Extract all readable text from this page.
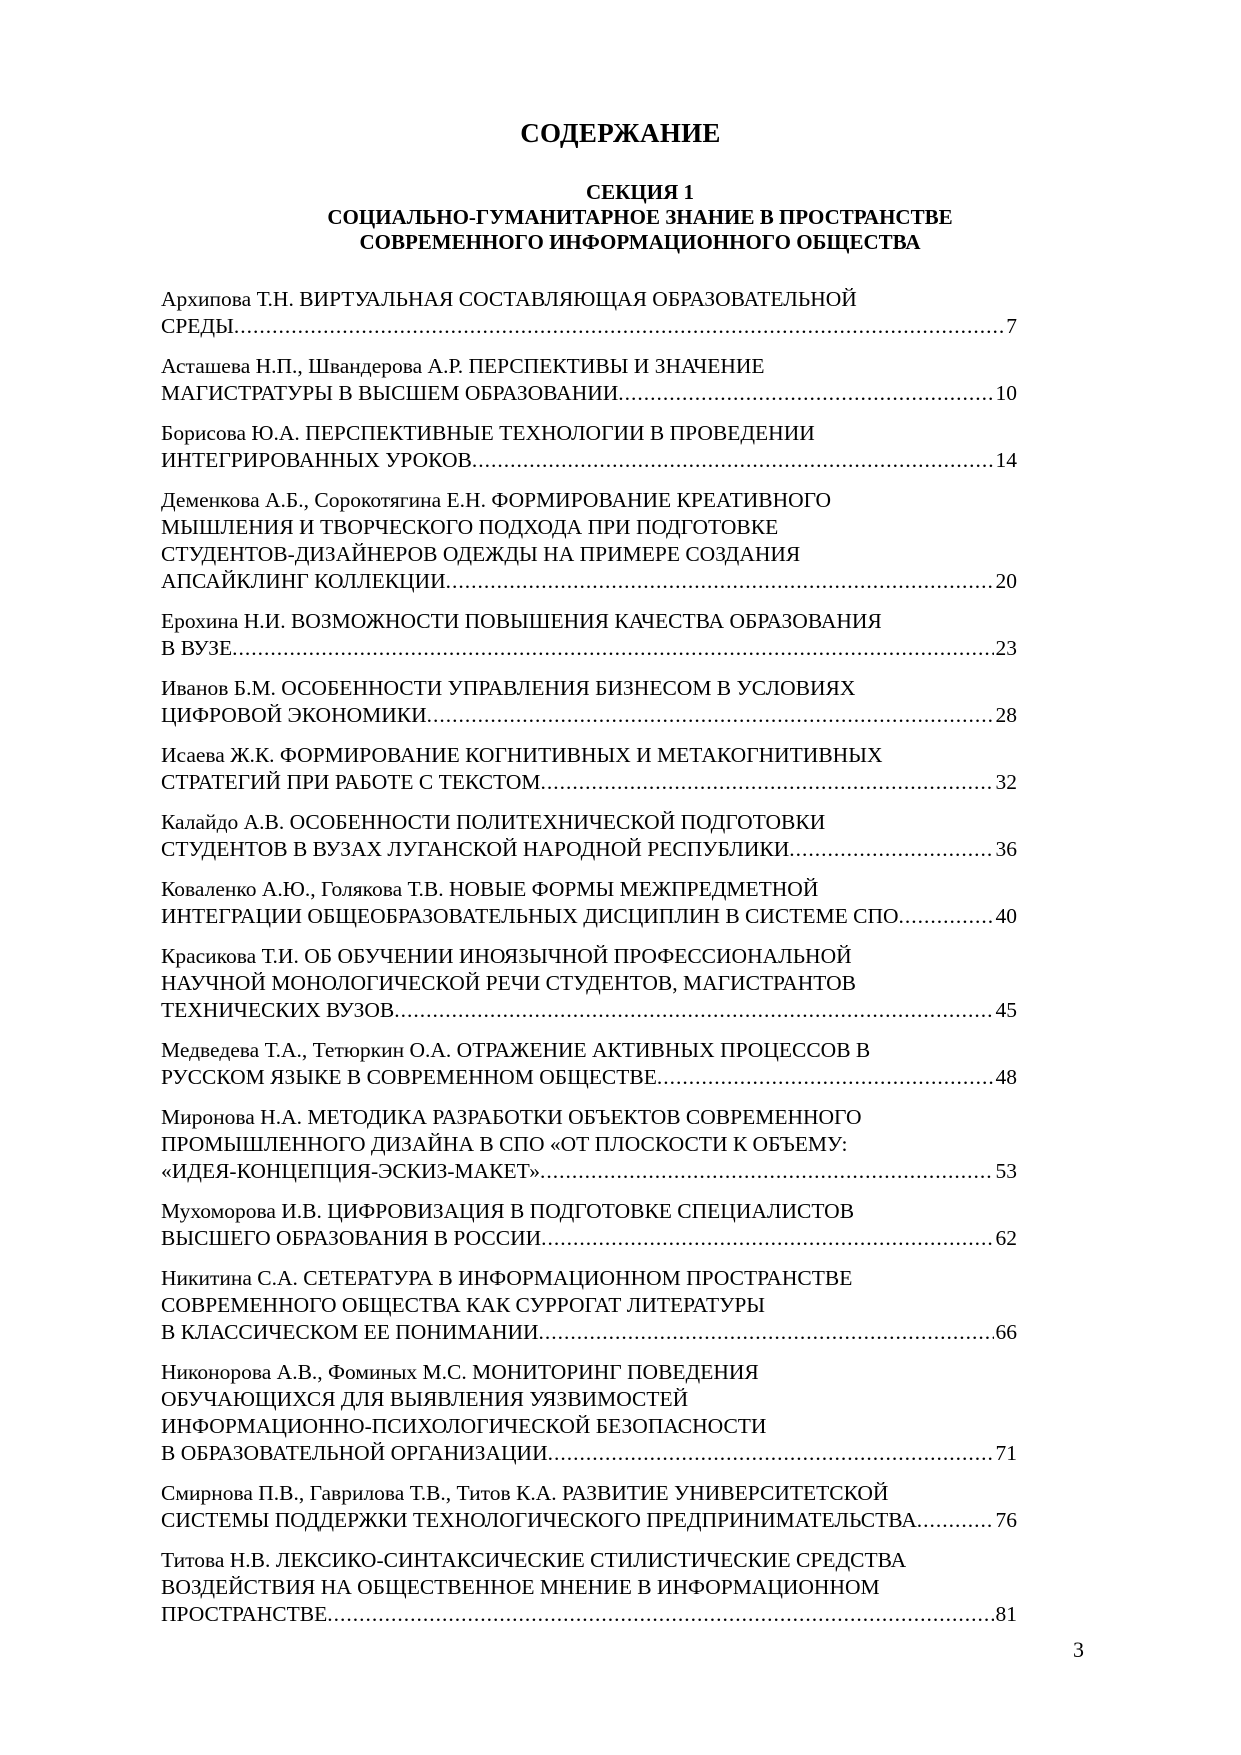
СОДЕРЖАНИЕ
СЕКЦИЯ 1
СОЦИАЛЬНО-ГУМАНИТАРНОЕ ЗНАНИЕ В ПРОСТРАНСТВЕ
СОВРЕМЕННОГО ИНФОРМАЦИОННОГО ОБЩЕСТВА
Архипова Т.Н. ВИРТУАЛЬНАЯ СОСТАВЛЯЮЩАЯ ОБРАЗОВАТЕЛЬНОЙ
СРЕДЫ .....	7
Асташева Н.П., Швандерова А.Р. ПЕРСПЕКТИВЫ И ЗНАЧЕНИЕ
МАГИСТРАТУРЫ В ВЫСШЕМ ОБРАЗОВАНИИ .....	10
Борисова Ю.А. ПЕРСПЕКТИВНЫЕ ТЕХНОЛОГИИ В ПРОВЕДЕНИИ
ИНТЕГРИРОВАННЫХ УРОКОВ .....	14
Деменкова А.Б., Сорокотягина Е.Н. ФОРМИРОВАНИЕ КРЕАТИВНОГО
МЫШЛЕНИЯ И ТВОРЧЕСКОГО ПОДХОДА ПРИ ПОДГОТОВКЕ
СТУДЕНТОВ-ДИЗАЙНЕРОВ ОДЕЖДЫ НА ПРИМЕРЕ СОЗДАНИЯ
АПСАЙКЛИНГ КОЛЛЕКЦИИ .....	20
Ерохина Н.И. ВОЗМОЖНОСТИ ПОВЫШЕНИЯ КАЧЕСТВА ОБРАЗОВАНИЯ
В ВУЗЕ .....	23
Иванов Б.М. ОСОБЕННОСТИ УПРАВЛЕНИЯ БИЗНЕСОМ В УСЛОВИЯХ
ЦИФРОВОЙ ЭКОНОМИКИ .....	28
Исаева Ж.К. ФОРМИРОВАНИЕ КОГНИТИВНЫХ И МЕТАКОГНИТИВНЫХ
СТРАТЕГИЙ ПРИ РАБОТЕ С ТЕКСТОМ .....	32
Калайдо А.В. ОСОБЕННОСТИ ПОЛИТЕХНИЧЕСКОЙ ПОДГОТОВКИ
СТУДЕНТОВ В ВУЗАХ ЛУГАНСКОЙ НАРОДНОЙ РЕСПУБЛИКИ .....	36
Коваленко А.Ю., Голякова Т.В. НОВЫЕ ФОРМЫ МЕЖПРЕДМЕТНОЙ
ИНТЕГРАЦИИ ОБЩЕОБРАЗОВАТЕЛЬНЫХ ДИСЦИПЛИН В СИСТЕМЕ СПО .....	40
Красикова Т.И. ОБ ОБУЧЕНИИ ИНОЯЗЫЧНОЙ ПРОФЕССИОНАЛЬНОЙ
НАУЧНОЙ МОНОЛОГИЧЕСКОЙ РЕЧИ СТУДЕНТОВ, МАГИСТРАНТОВ
ТЕХНИЧЕСКИХ ВУЗОВ .....	45
Медведева Т.А., Тетюркин О.А. ОТРАЖЕНИЕ АКТИВНЫХ ПРОЦЕССОВ В
РУССКОМ ЯЗЫКЕ В СОВРЕМЕННОМ ОБЩЕСТВЕ .....	48
Миронова Н.А. МЕТОДИКА РАЗРАБОТКИ ОБЪЕКТОВ СОВРЕМЕННОГО
ПРОМЫШЛЕННОГО ДИЗАЙНА В СПО «ОТ ПЛОСКОСТИ К ОБЪЕМУ:
«ИДЕЯ-КОНЦЕПЦИЯ-ЭСКИЗ-МАКЕТ» .....	53
Мухоморова И.В. ЦИФРОВИЗАЦИЯ В ПОДГОТОВКЕ СПЕЦИАЛИСТОВ
ВЫСШЕГО ОБРАЗОВАНИЯ В РОССИИ .....	62
Никитина С.А. СЕТЕРАТУРА В ИНФОРМАЦИОННОМ ПРОСТРАНСТВЕ
СОВРЕМЕННОГО ОБЩЕСТВА КАК СУРРОГАТ ЛИТЕРАТУРЫ
В КЛАССИЧЕСКОМ ЕЕ ПОНИМАНИИ .....	66
Никонорова А.В., Фоминых М.С. МОНИТОРИНГ ПОВЕДЕНИЯ
ОБУЧАЮЩИХСЯ ДЛЯ ВЫЯВЛЕНИЯ УЯЗВИМОСТЕЙ
ИНФОРМАЦИОННО-ПСИХОЛОГИЧЕСКОЙ БЕЗОПАСНОСТИ
В ОБРАЗОВАТЕЛЬНОЙ ОРГАНИЗАЦИИ .....	71
Смирнова П.В., Гаврилова Т.В., Титов К.А. РАЗВИТИЕ УНИВЕРСИТЕТСКОЙ
СИСТЕМЫ ПОДДЕРЖКИ ТЕХНОЛОГИЧЕСКОГО ПРЕДПРИНИМАТЕЛЬСТВА .....	76
Титова Н.В. ЛЕКСИКО-СИНТАКСИЧЕСКИЕ СТИЛИСТИЧЕСКИЕ СРЕДСТВА
ВОЗДЕЙСТВИЯ НА ОБЩЕСТВЕННОЕ МНЕНИЕ В ИНФОРМАЦИОННОМ
ПРОСТРАНСТВЕ .....	81
3
